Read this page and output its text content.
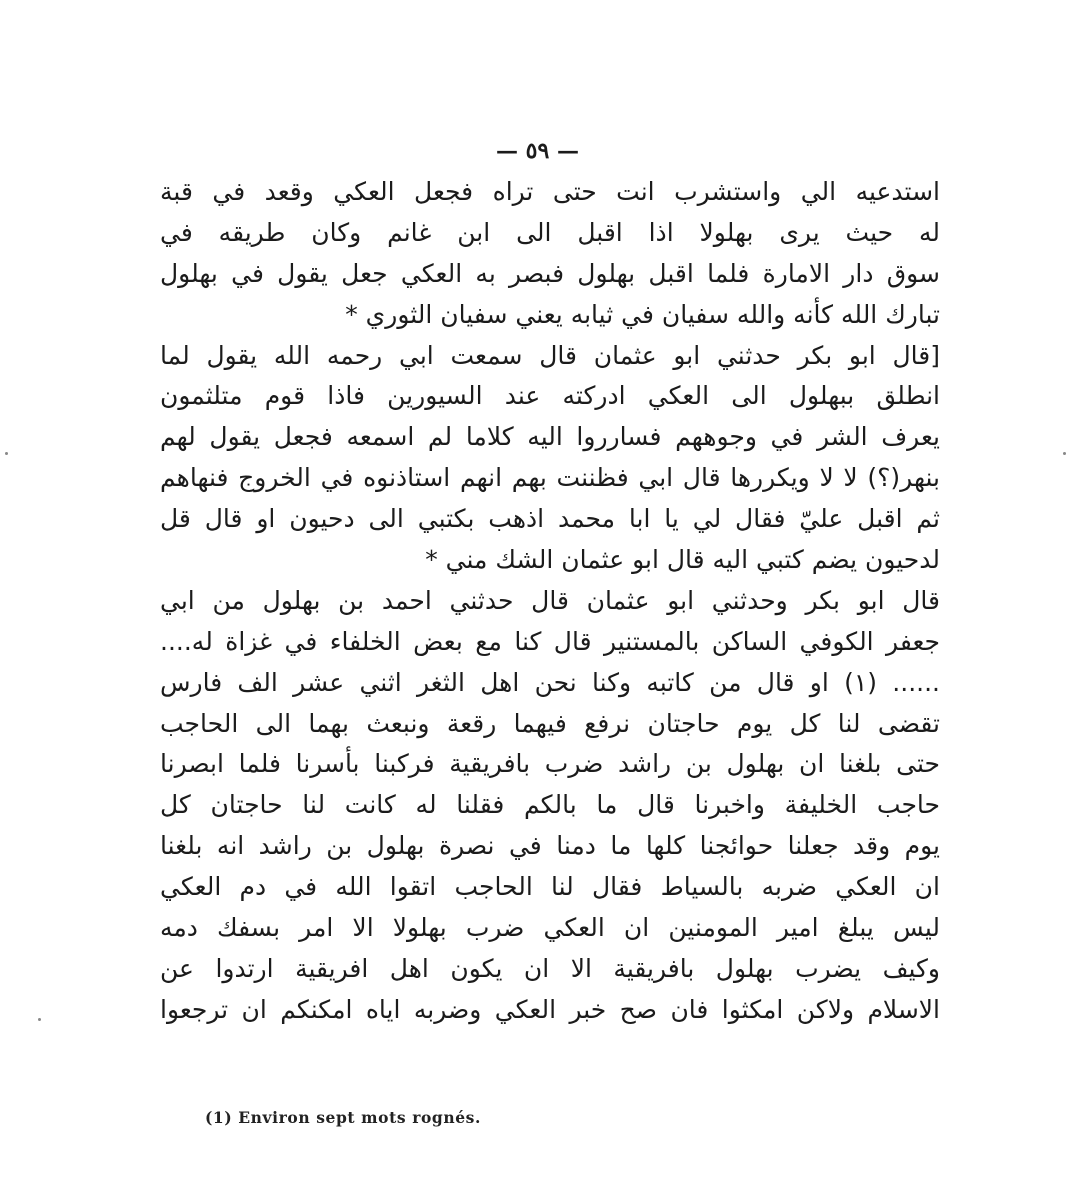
— ٥٩ —
استدعيه الي واستشرب انت حتى تراه فجعل العكي وقعد في قبة
له حيث يرى بهلولا اذا اقبل الى ابن غانم وكان طريقه في
سوق دار الامارة فلما اقبل بهلول فبصر به العكي جعل يقول في بهلول
تبارك الله كأنه والله سفيان في ثيابه يعني سفيان الثوري *
[قال ابو بكر حدثني ابو عثمان قال سمعت ابي رحمه الله يقول لما
انطلق ببهلول الى العكي ادركته عند السيورين فاذا قوم متلثمون
يعرف الشر في وجوههم فسارروا اليه كلاما لم اسمعه فجعل يقول لهم
بنهر(؟) لا لا ويكررها قال ابي فظننت بهم انهم استاذنوه في الخروج فنهاهم
ثم اقبل عليّ فقال لي يا ابا محمد اذهب بكتبي الى دحيون او قال قل
لدحيون يضم كتبي اليه قال ابو عثمان الشك مني *
قال ابو بكر وحدثني ابو عثمان قال حدثني احمد بن بهلول من ابي
جعفر الكوفي الساكن بالمستنير قال كنا مع بعض الخلفاء في غزاة له....
...... (١) او قال من كاتبه وكنا نحن اهل الثغر اثني عشر الف فارس
تقضى لنا كل يوم حاجتان نرفع فيهما رقعة ونبعث بهما الى الحاجب
حتى بلغنا ان بهلول بن راشد ضرب بافريقية فركبنا بأسرنا فلما ابصرنا
حاجب الخليفة واخبرنا قال ما بالكم فقلنا له كانت لنا حاجتان كل
يوم وقد جعلنا حوائجنا كلها ما دمنا في نصرة بهلول بن راشد انه بلغنا
ان العكي ضربه بالسياط فقال لنا الحاجب اتقوا الله في دم العكي
ليس يبلغ امير المومنين ان العكي ضرب بهلولا الا امر بسفك دمه
وكيف يضرب بهلول بافريقية الا ان يكون اهل افريقية ارتدوا عن
الاسلام ولاكن امكثوا فان صح خبر العكي وضربه اياه امكنكم ان ترجعوا
(1) Environ sept mots rognés.
